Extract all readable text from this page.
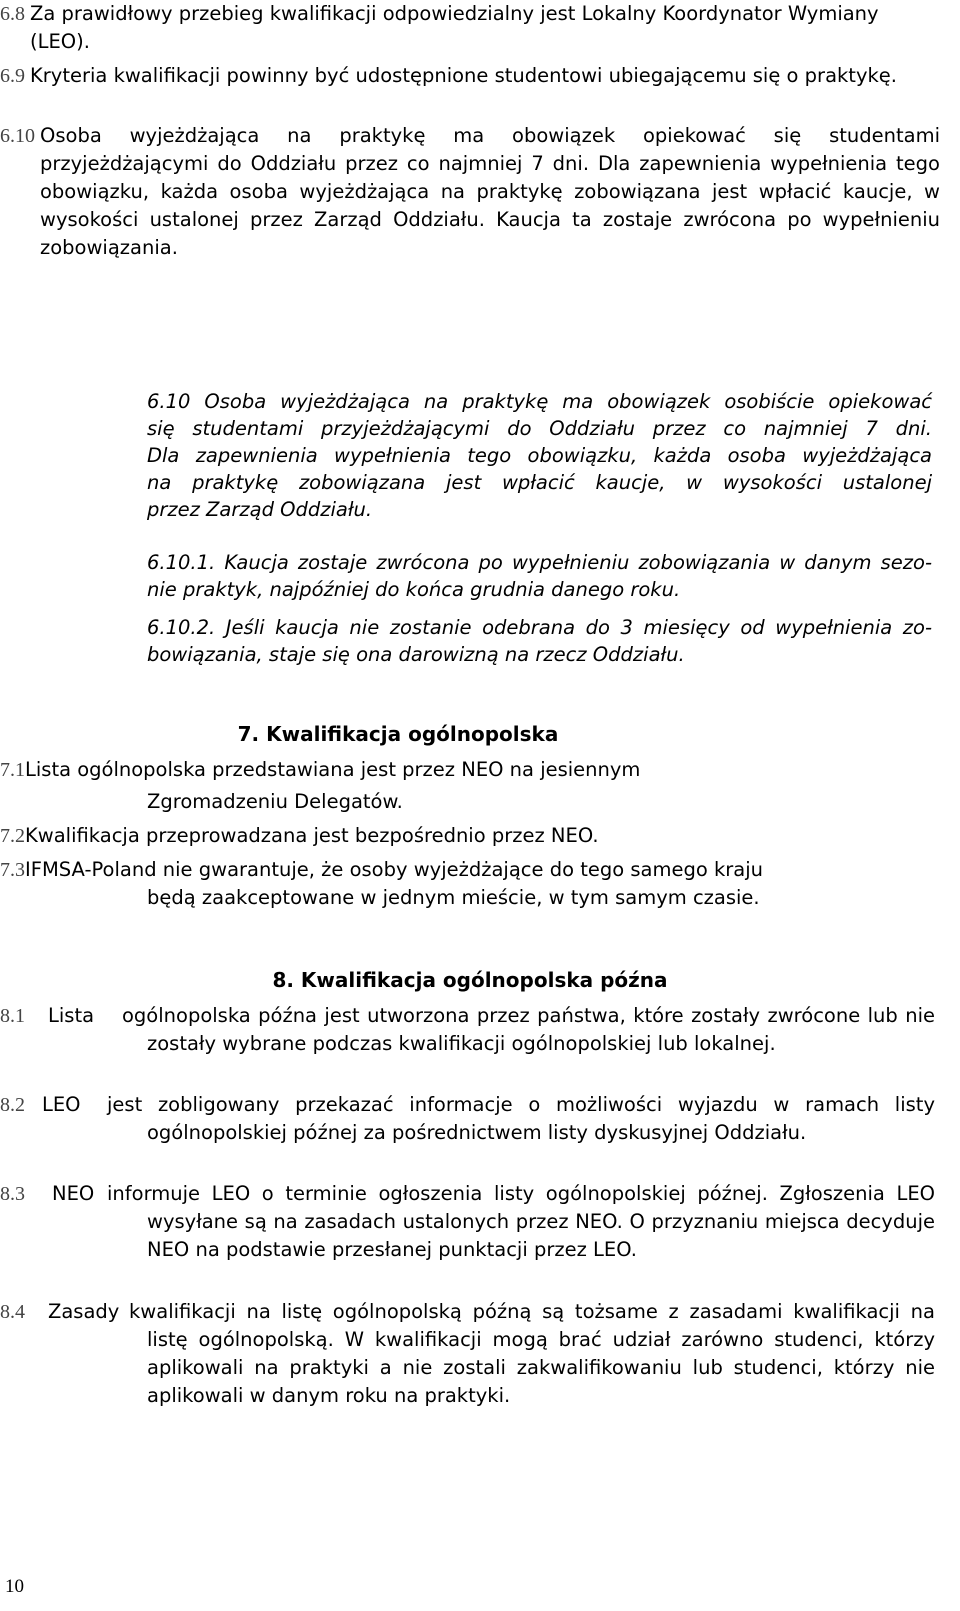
6.8 Za prawidłowy przebieg kwalifikacji odpowiedzialny jest Lokalny Koordynator Wymiany (LEO).
6.9 Kryteria kwalifikacji powinny być udostępnione studentowi ubiegającemu się o praktykę.
6.10 Osoba wyjeżdżająca na praktykę ma obowiązek opiekować się studentami przyjeżdżającymi do Oddziału przez co najmniej 7 dni. Dla zapewnienia wypełnienia tego obowiązku, każda osoba wyjeżdżająca na praktykę zobowiązana jest wpłacić kaucje, w wysokości ustalonej przez Zarząd Oddziału. Kaucja ta zostaje zwrócona po wypełnieniu zobowiązania.
6.10 Osoba wyjeżdżająca na praktykę ma obowiązek osobiście opiekować
się studentami przyjeżdżającymi do Oddziału przez co najmniej 7 dni.
Dla zapewnienia wypełnienia tego obowiązku, każda osoba wyjeżdżająca
na praktykę zobowiązana jest wpłacić kaucje, w wysokości ustalonej
przez Zarząd Oddziału.
6.10.1. Kaucja zostaje zwrócona po wypełnieniu zobowiązania w danym sezo-
nie praktyk, najpóźniej do końca grudnia danego roku.
6.10.2. Jeśli kaucja nie zostanie odebrana do 3 miesięcy od wypełnienia zo-
bowiązania, staje się ona darowizną na rzecz Oddziału.
7. Kwalifikacja ogólnopolska
7.1Lista ogólnopolska przedstawiana jest przez NEO na jesiennym
Zgromadzeniu Delegatów.
7.2Kwalifikacja przeprowadzana jest bezpośrednio przez NEO.
7.3IFMSA-Poland nie gwarantuje, że osoby wyjeżdżające do tego samego kraju
będą zaakceptowane w jednym mieście, w tym samym czasie.
8. Kwalifikacja ogólnopolska późna
8.1 Lista ogólnopolska późna jest utworzona przez państwa, które zostały zwrócone lub nie zostały wybrane podczas kwalifikacji ogólnopolskiej lub lokalnej.
8.2 LEO jest zobligowany przekazać informacje o możliwości wyjazdu w ramach listy ogólnopolskiej późnej za pośrednictwem listy dyskusyjnej Oddziału.
8.3 NEO informuje LEO o terminie ogłoszenia listy ogólnopolskiej późnej. Zgłoszenia LEO wysyłane są na zasadach ustalonych przez NEO. O przyznaniu miejsca decyduje NEO na podstawie przesłanej punktacji przez LEO.
8.4 Zasady kwalifikacji na listę ogólnopolską późną są tożsame z zasadami kwalifikacji na listę ogólnopolską. W kwalifikacji mogą brać udział zarówno studenci, którzy aplikowali na praktyki a nie zostali zakwalifikowaniu lub studenci, którzy nie aplikowali w danym roku na praktyki.
10
